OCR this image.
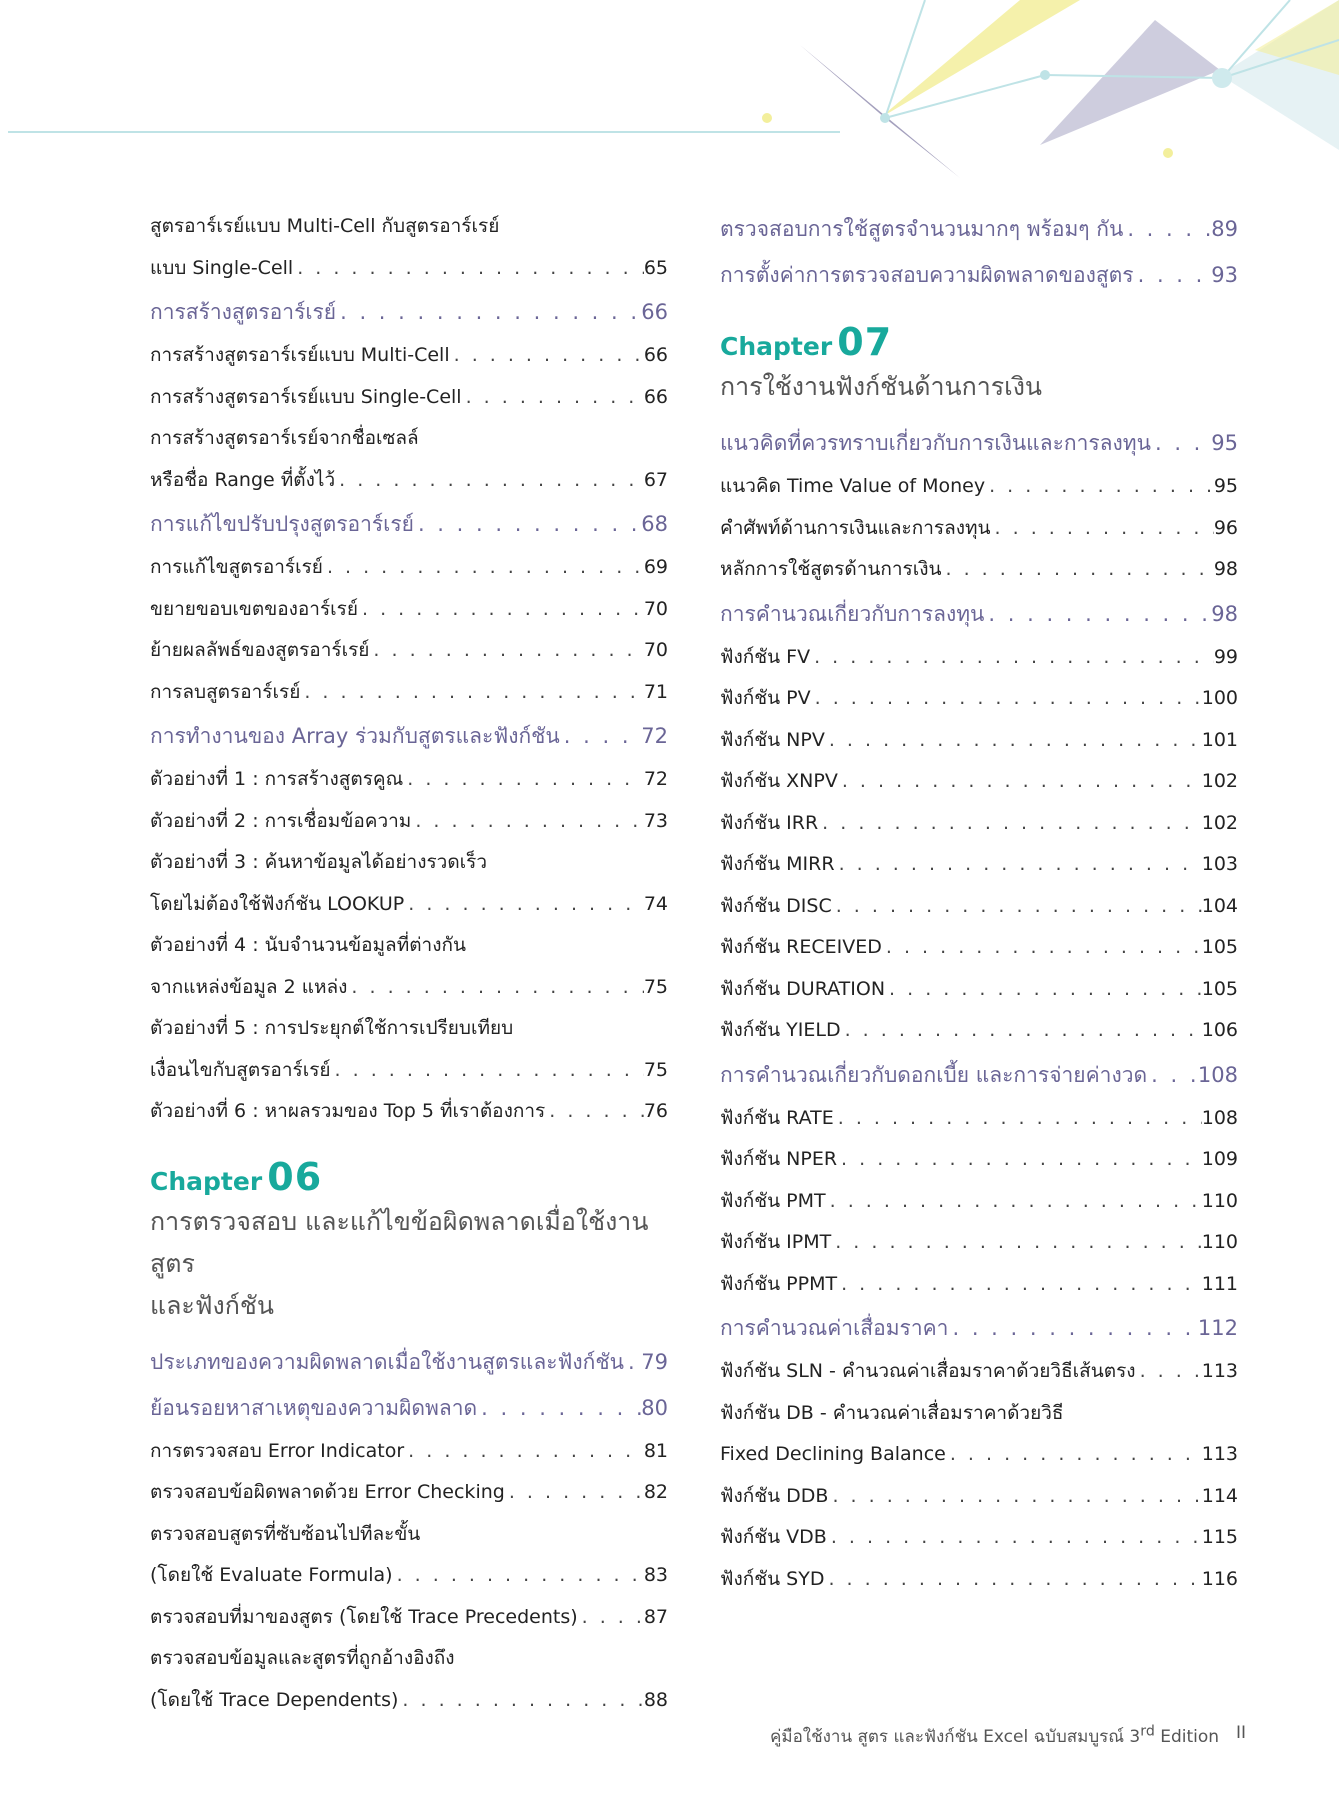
สูตรอาร์เรย์แบบ Multi-Cell กับสูตรอาร์เรย์
แบบ Single-Cell . . .	65
การสร้างสูตรอาร์เรย์ . . .	66
การสร้างสูตรอาร์เรย์แบบ Multi-Cell . . .	66
การสร้างสูตรอาร์เรย์แบบ Single-Cell . . .	66
การสร้างสูตรอาร์เรย์จากชื่อเซลล์
หรือชื่อ Range ที่ตั้งไว้ . . .	67
การแก้ไขปรับปรุงสูตรอาร์เรย์ . . .	68
การแก้ไขสูตรอาร์เรย์ . . .	69
ขยายขอบเขตของอาร์เรย์ . . .	70
ย้ายผลลัพธ์ของสูตรอาร์เรย์ . . .	70
การลบสูตรอาร์เรย์ . . .	71
การทำงานของ Array ร่วมกับสูตรและฟังก์ชัน . . .	72
ตัวอย่างที่ 1 : การสร้างสูตรคูณ . . .	72
ตัวอย่างที่ 2 : การเชื่อมข้อความ . . .	73
ตัวอย่างที่ 3 : ค้นหาข้อมูลได้อย่างรวดเร็ว
โดยไม่ต้องใช้ฟังก์ชัน LOOKUP . . .	74
ตัวอย่างที่ 4 : นับจำนวนข้อมูลที่ต่างกัน
จากแหล่งข้อมูล 2 แหล่ง . . .	75
ตัวอย่างที่ 5 : การประยุกต์ใช้การเปรียบเทียบ
เงื่อนไขกับสูตรอาร์เรย์ . . .	75
ตัวอย่างที่ 6 : หาผลรวมของ Top 5 ที่เราต้องการ . . .	76
Chapter 06
การตรวจสอบ และแก้ไขข้อผิดพลาดเมื่อใช้งานสูตร
และฟังก์ชัน
ประเภทของความผิดพลาดเมื่อใช้งานสูตรและฟังก์ชัน . . . 79
ย้อนรอยหาสาเหตุของความผิดพลาด . . .	80
การตรวจสอบ Error Indicator . . .	81
ตรวจสอบข้อผิดพลาดด้วย Error Checking . . .	82
ตรวจสอบสูตรที่ซับซ้อนไปทีละขั้น
(โดยใช้ Evaluate Formula) . . .	83
ตรวจสอบที่มาของสูตร (โดยใช้ Trace Precedents) . . .	87
ตรวจสอบข้อมูลและสูตรที่ถูกอ้างอิงถึง
(โดยใช้ Trace Dependents) . . .	88
ตรวจสอบการใช้สูตรจำนวนมากๆ พร้อมๆ กัน . . .	89
การตั้งค่าการตรวจสอบความผิดพลาดของสูตร . . .	93
Chapter 07
การใช้งานฟังก์ชันด้านการเงิน
แนวคิดที่ควรทราบเกี่ยวกับการเงินและการลงทุน . . .	95
แนวคิด Time Value of Money . . .	95
คำศัพท์ด้านการเงินและการลงทุน . . .	96
หลักการใช้สูตรด้านการเงิน . . .	98
การคำนวณเกี่ยวกับการลงทุน . . .	98
ฟังก์ชัน FV . . .	99
ฟังก์ชัน PV . . .	100
ฟังก์ชัน NPV . . .	101
ฟังก์ชัน XNPV . . .	102
ฟังก์ชัน IRR . . .	102
ฟังก์ชัน MIRR . . .	103
ฟังก์ชัน DISC . . .	104
ฟังก์ชัน RECEIVED . . .	105
ฟังก์ชัน DURATION . . .	105
ฟังก์ชัน YIELD . . .	106
การคำนวณเกี่ยวกับดอกเบี้ย และการจ่ายค่างวด . . . 108
ฟังก์ชัน RATE . . .	108
ฟังก์ชัน NPER . . .	109
ฟังก์ชัน PMT . . .	110
ฟังก์ชัน IPMT . . .	110
ฟังก์ชัน PPMT . . .	111
การคำนวณค่าเสื่อมราคา . . .	112
ฟังก์ชัน SLN - คำนวณค่าเสื่อมราคาด้วยวิธีเส้นตรง . . .	113
ฟังก์ชัน DB - คำนวณค่าเสื่อมราคาด้วยวิธี
Fixed Declining Balance . . .	113
ฟังก์ชัน DDB . . .	114
ฟังก์ชัน VDB . . .	115
ฟังก์ชัน SYD . . .	116
คู่มือใช้งาน สูตร และฟังก์ชัน Excel ฉบับสมบูรณ์ 3rd Edition II
